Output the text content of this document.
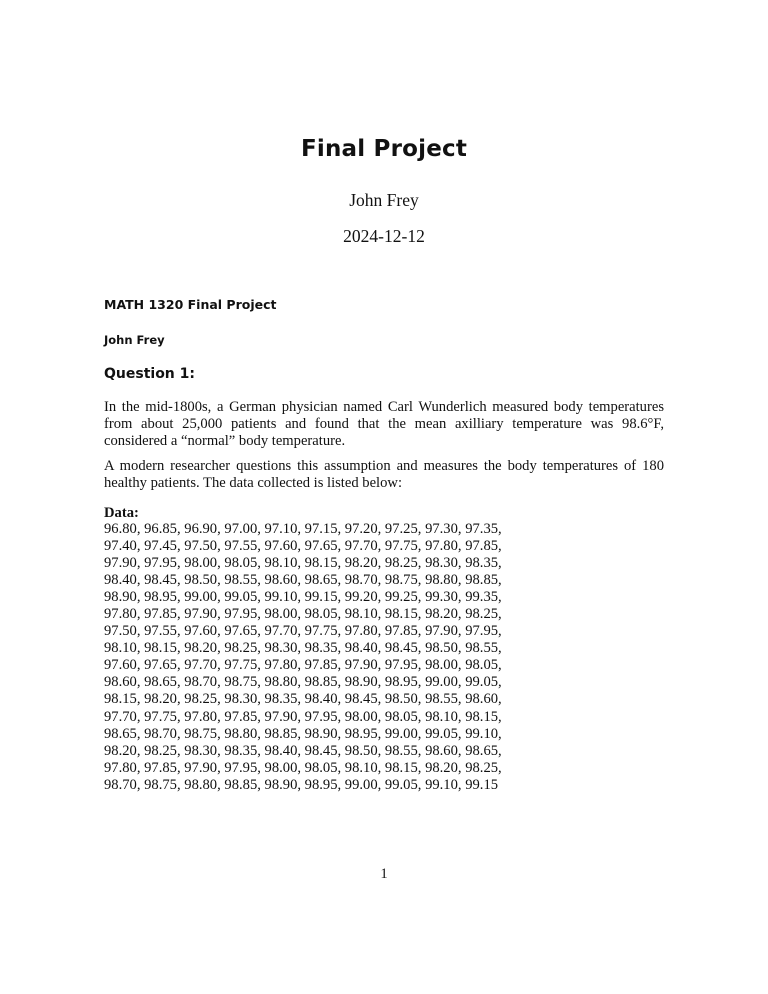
Final Project
John Frey
2024-12-12
MATH 1320 Final Project
John Frey
Question 1:
In the mid-1800s, a German physician named Carl Wunderlich measured body temperatures from about 25,000 patients and found that the mean axilliary temperature was 98.6°F, considered a “normal” body temperature.
A modern researcher questions this assumption and measures the body temperatures of 180 healthy patients. The data collected is listed below:
Data:
96.80, 96.85, 96.90, 97.00, 97.10, 97.15, 97.20, 97.25, 97.30, 97.35,
97.40, 97.45, 97.50, 97.55, 97.60, 97.65, 97.70, 97.75, 97.80, 97.85,
97.90, 97.95, 98.00, 98.05, 98.10, 98.15, 98.20, 98.25, 98.30, 98.35,
98.40, 98.45, 98.50, 98.55, 98.60, 98.65, 98.70, 98.75, 98.80, 98.85,
98.90, 98.95, 99.00, 99.05, 99.10, 99.15, 99.20, 99.25, 99.30, 99.35,
97.80, 97.85, 97.90, 97.95, 98.00, 98.05, 98.10, 98.15, 98.20, 98.25,
97.50, 97.55, 97.60, 97.65, 97.70, 97.75, 97.80, 97.85, 97.90, 97.95,
98.10, 98.15, 98.20, 98.25, 98.30, 98.35, 98.40, 98.45, 98.50, 98.55,
97.60, 97.65, 97.70, 97.75, 97.80, 97.85, 97.90, 97.95, 98.00, 98.05,
98.60, 98.65, 98.70, 98.75, 98.80, 98.85, 98.90, 98.95, 99.00, 99.05,
98.15, 98.20, 98.25, 98.30, 98.35, 98.40, 98.45, 98.50, 98.55, 98.60,
97.70, 97.75, 97.80, 97.85, 97.90, 97.95, 98.00, 98.05, 98.10, 98.15,
98.65, 98.70, 98.75, 98.80, 98.85, 98.90, 98.95, 99.00, 99.05, 99.10,
98.20, 98.25, 98.30, 98.35, 98.40, 98.45, 98.50, 98.55, 98.60, 98.65,
97.80, 97.85, 97.90, 97.95, 98.00, 98.05, 98.10, 98.15, 98.20, 98.25,
98.70, 98.75, 98.80, 98.85, 98.90, 98.95, 99.00, 99.05, 99.10, 99.15
1
